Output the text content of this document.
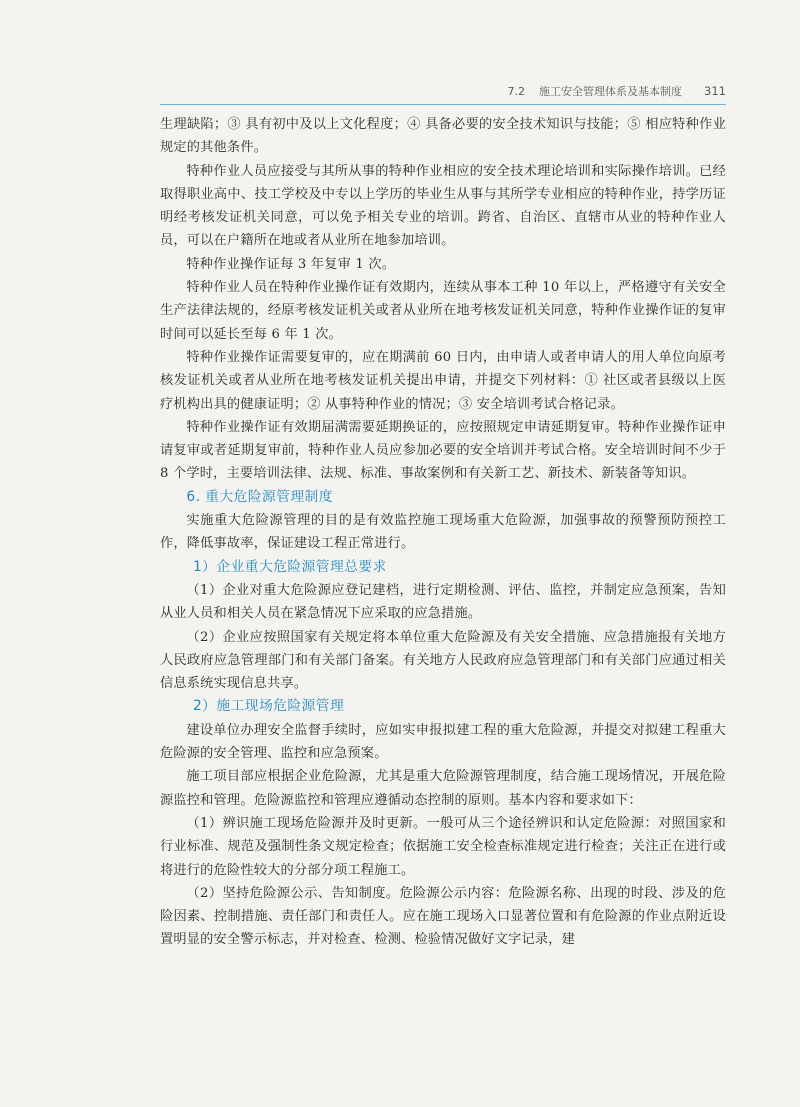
7.2 施工安全管理体系及基本制度 311

生理缺陷；③ 具有初中及以上文化程度；④ 具备必要的安全技术知识与技能；⑤ 相应特种作业规定的其他条件。

特种作业人员应接受与其所从事的特种作业相应的安全技术理论培训和实际操作培训。已经取得职业高中、技工学校及中专以上学历的毕业生从事与其所学专业相应的特种作业，持学历证明经考核发证机关同意，可以免予相关专业的培训。跨省、自治区、直辖市从业的特种作业人员，可以在户籍所在地或者从业所在地参加培训。

特种作业操作证每 3 年复审 1 次。

特种作业人员在特种作业操作证有效期内，连续从事本工种 10 年以上，严格遵守有关安全生产法律法规的，经原考核发证机关或者从业所在地考核发证机关同意，特种作业操作证的复审时间可以延长至每 6 年 1 次。

特种作业操作证需要复审的，应在期满前 60 日内，由申请人或者申请人的用人单位向原考核发证机关或者从业所在地考核发证机关提出申请，并提交下列材料：① 社区或者县级以上医疗机构出具的健康证明；② 从事特种作业的情况；③ 安全培训考试合格记录。

特种作业操作证有效期届满需要延期换证的，应按照规定申请延期复审。特种作业操作证申请复审或者延期复审前，特种作业人员应参加必要的安全培训并考试合格。安全培训时间不少于 8 个学时，主要培训法律、法规、标准、事故案例和有关新工艺、新技术、新装备等知识。

6. 重大危险源管理制度

实施重大危险源管理的目的是有效监控施工现场重大危险源，加强事故的预警预防预控工作，降低事故率，保证建设工程正常进行。

1）企业重大危险源管理总要求

（1）企业对重大危险源应登记建档，进行定期检测、评估、监控，并制定应急预案，告知从业人员和相关人员在紧急情况下应采取的应急措施。

（2）企业应按照国家有关规定将本单位重大危险源及有关安全措施、应急措施报有关地方人民政府应急管理部门和有关部门备案。有关地方人民政府应急管理部门和有关部门应通过相关信息系统实现信息共享。

2）施工现场危险源管理

建设单位办理安全监督手续时，应如实申报拟建工程的重大危险源，并提交对拟建工程重大危险源的安全管理、监控和应急预案。

施工项目部应根据企业危险源，尤其是重大危险源管理制度，结合施工现场情况，开展危险源监控和管理。危险源监控和管理应遵循动态控制的原则。基本内容和要求如下：

（1）辨识施工现场危险源并及时更新。一般可从三个途径辨识和认定危险源：对照国家和行业标准、规范及强制性条文规定检查；依据施工安全检查标准规定进行检查；关注正在进行或将进行的危险性较大的分部分项工程施工。

（2）坚持危险源公示、告知制度。危险源公示内容：危险源名称、出现的时段、涉及的危险因素、控制措施、责任部门和责任人。应在施工现场入口显著位置和有危险源的作业点附近设置明显的安全警示标志，并对检查、检测、检验情况做好文字记录，建
